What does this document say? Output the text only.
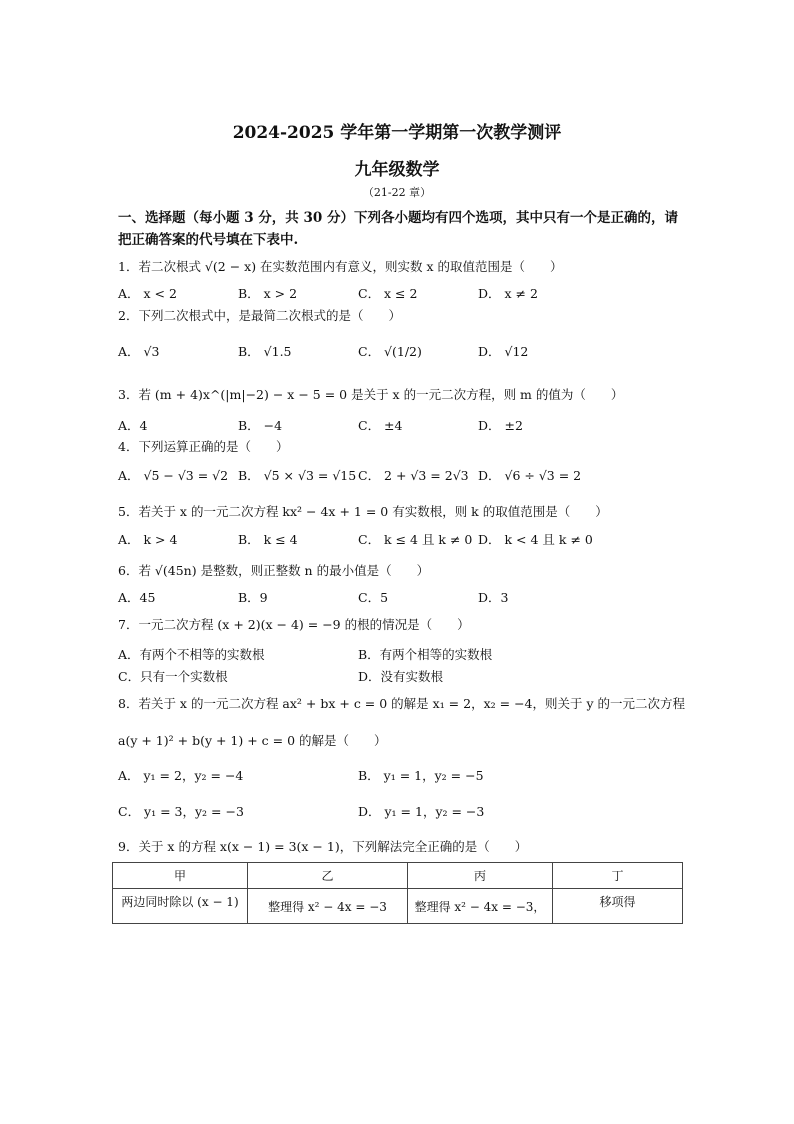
2024-2025 学年第一学期第一次教学测评
九年级数学
（21-22 章）
一、选择题（每小题 3 分，共 30 分）下列各小题均有四个选项，其中只有一个是正确的，请
把正确答案的代号填在下表中.
1．若二次根式 √(2 − x) 在实数范围内有意义，则实数 x 的取值范围是（　　）
A． x < 2	B． x > 2	C． x ≤ 2	D． x ≠ 2
2．下列二次根式中，是最简二次根式的是（　　）
A． √3	B． √1.5	C． √(1/2)	D． √12
3．若 (m + 4)x^(|m|−2) − x − 5 = 0 是关于 x 的一元二次方程，则 m 的值为（　　）
A．4	B． −4	C． ±4	D． ±2
4．下列运算正确的是（　　）
A． √5 − √3 = √2 B． √5 × √3 = √15 C． 2 + √3 = 2√3 D． √6 ÷ √3 = 2
5．若关于 x 的一元二次方程 kx² − 4x + 1 = 0 有实数根，则 k 的取值范围是（　　）
A． k > 4	B． k ≤ 4	C． k ≤ 4 且 k ≠ 0 D． k < 4 且 k ≠ 0
6．若 √(45n) 是整数，则正整数 n 的最小值是（　　）
A．45	B．9	C．5	D．3
7．一元二次方程 (x + 2)(x − 4) = −9 的根的情况是（　　）
A．有两个不相等的实数根	B．有两个相等的实数根
C．只有一个实数根	D．没有实数根
8．若关于 x 的一元二次方程 ax² + bx + c = 0 的解是 x₁ = 2，x₂ = −4，则关于 y 的一元二次方程
a(y + 1)² + b(y + 1) + c = 0 的解是（　　）
A． y₁ = 2，y₂ = −4	B． y₁ = 1，y₂ = −5
C． y₁ = 3，y₂ = −3	D． y₁ = 1，y₂ = −3
9．关于 x 的方程 x(x − 1) = 3(x − 1)，下列解法完全正确的是（　　）
甲	乙	丙	丁
两边同时除以 (x − 1)	整理得 x² − 4x = −3	整理得 x² − 4x = −3，	移项得
